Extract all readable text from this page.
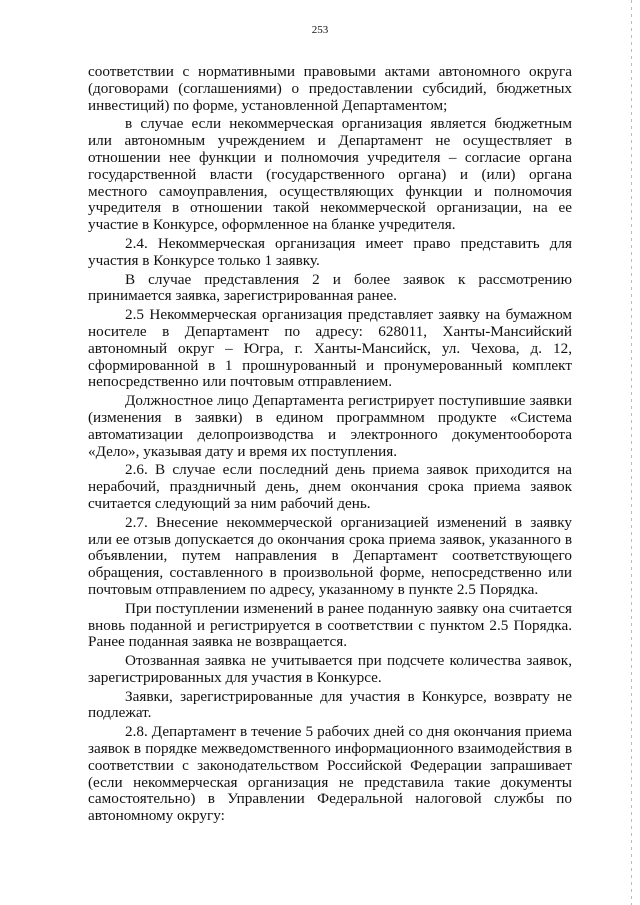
253

соответствии с нормативными правовыми актами автономного округа (договорами (соглашениями) о предоставлении субсидий, бюджетных инвестиций) по форме, установленной Департаментом;

в случае если некоммерческая организация является бюджетным или автономным учреждением и Департамент не осуществляет в отношении нее функции и полномочия учредителя – согласие органа государственной власти (государственного органа) и (или) органа местного самоуправления, осуществляющих функции и полномочия учредителя в отношении такой некоммерческой организации, на ее участие в Конкурсе, оформленное на бланке учредителя.

2.4. Некоммерческая организация имеет право представить для участия в Конкурсе только 1 заявку.

В случае представления 2 и более заявок к рассмотрению принимается заявка, зарегистрированная ранее.

2.5 Некоммерческая организация представляет заявку на бумажном носителе в Департамент по адресу: 628011, Ханты-Мансийский автономный округ – Югра, г. Ханты-Мансийск, ул. Чехова, д. 12, сформированной в 1 прошнурованный и пронумерованный комплект непосредственно или почтовым отправлением.

Должностное лицо Департамента регистрирует поступившие заявки (изменения в заявки) в едином программном продукте «Система автоматизации делопроизводства и электронного документооборота «Дело», указывая дату и время их поступления.

2.6. В случае если последний день приема заявок приходится на нерабочий, праздничный день, днем окончания срока приема заявок считается следующий за ним рабочий день.

2.7. Внесение некоммерческой организацией изменений в заявку или ее отзыв допускается до окончания срока приема заявок, указанного в объявлении, путем направления в Департамент соответствующего обращения, составленного в произвольной форме, непосредственно или почтовым отправлением по адресу, указанному в пункте 2.5 Порядка.

При поступлении изменений в ранее поданную заявку она считается вновь поданной и регистрируется в соответствии с пунктом 2.5 Порядка. Ранее поданная заявка не возвращается.

Отозванная заявка не учитывается при подсчете количества заявок, зарегистрированных для участия в Конкурсе.

Заявки, зарегистрированные для участия в Конкурсе, возврату не подлежат.

2.8. Департамент в течение 5 рабочих дней со дня окончания приема заявок в порядке межведомственного информационного взаимодействия в соответствии с законодательством Российской Федерации запрашивает (если некоммерческая организация не представила такие документы самостоятельно) в Управлении Федеральной налоговой службы по автономному округу:
